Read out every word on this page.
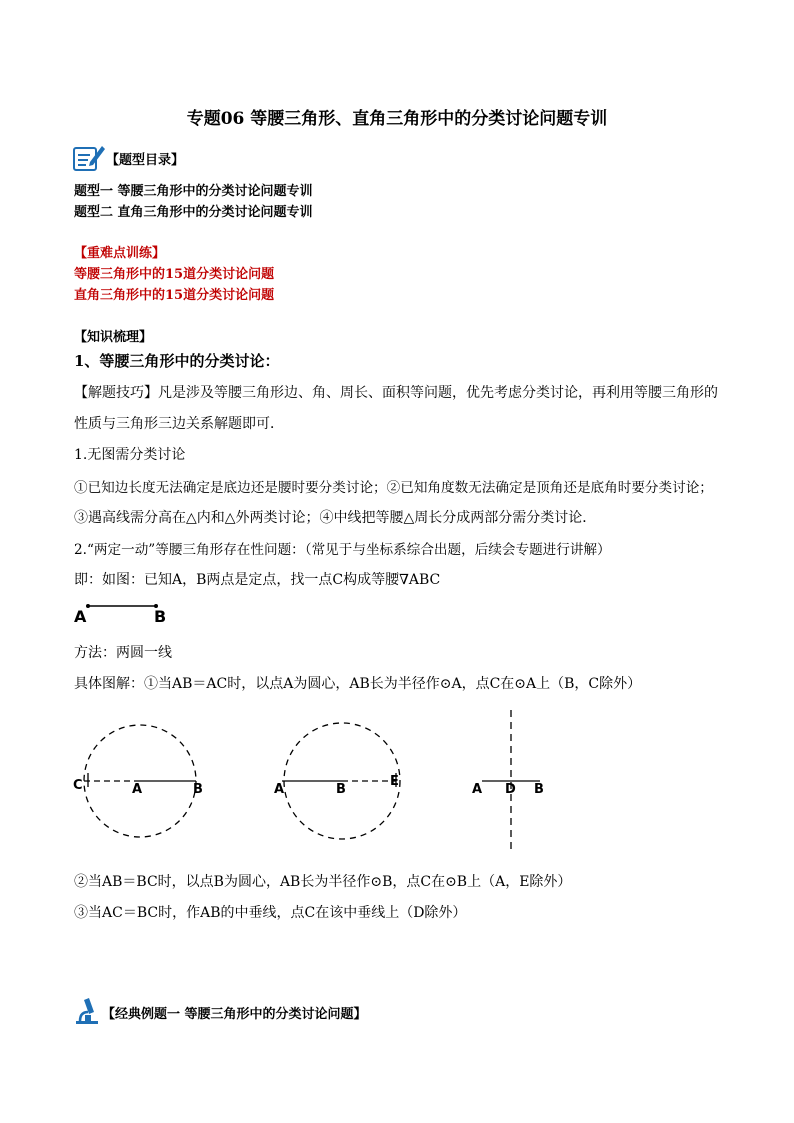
专题06 等腰三角形、直角三角形中的分类讨论问题专训
【题型目录】
题型一 等腰三角形中的分类讨论问题专训
题型二 直角三角形中的分类讨论问题专训
【重难点训练】
等腰三角形中的15道分类讨论问题
直角三角形中的15道分类讨论问题
【知识梳理】
1、等腰三角形中的分类讨论：
【解题技巧】凡是涉及等腰三角形边、角、周长、面积等问题，优先考虑分类讨论，再利用等腰三角形的
性质与三角形三边关系解题即可．
1.无图需分类讨论
①已知边长度无法确定是底边还是腰时要分类讨论；②已知角度数无法确定是顶角还是底角时要分类讨论；
③遇高线需分高在△内和△外两类讨论；④中线把等腰△周长分成两部分需分类讨论．
2.“两定一动”等腰三角形存在性问题：（常见于与坐标系综合出题，后续会专题进行讲解）
即：如图：已知A，B两点是定点，找一点C构成等腰∇ABC
A	B
方法：两圆一线
具体图解：①当AB＝AC时，以点A为圆心，AB长为半径作⊙A，点C在⊙A上（B，C除外）
C	A	B	A	B
E
A D B
②当AB＝BC时，以点B为圆心，AB长为半径作⊙B，点C在⊙B上（A，E除外）
③当AC＝BC时，作AB的中垂线，点C在该中垂线上（D除外）
【经典例题一 等腰三角形中的分类讨论问题】
